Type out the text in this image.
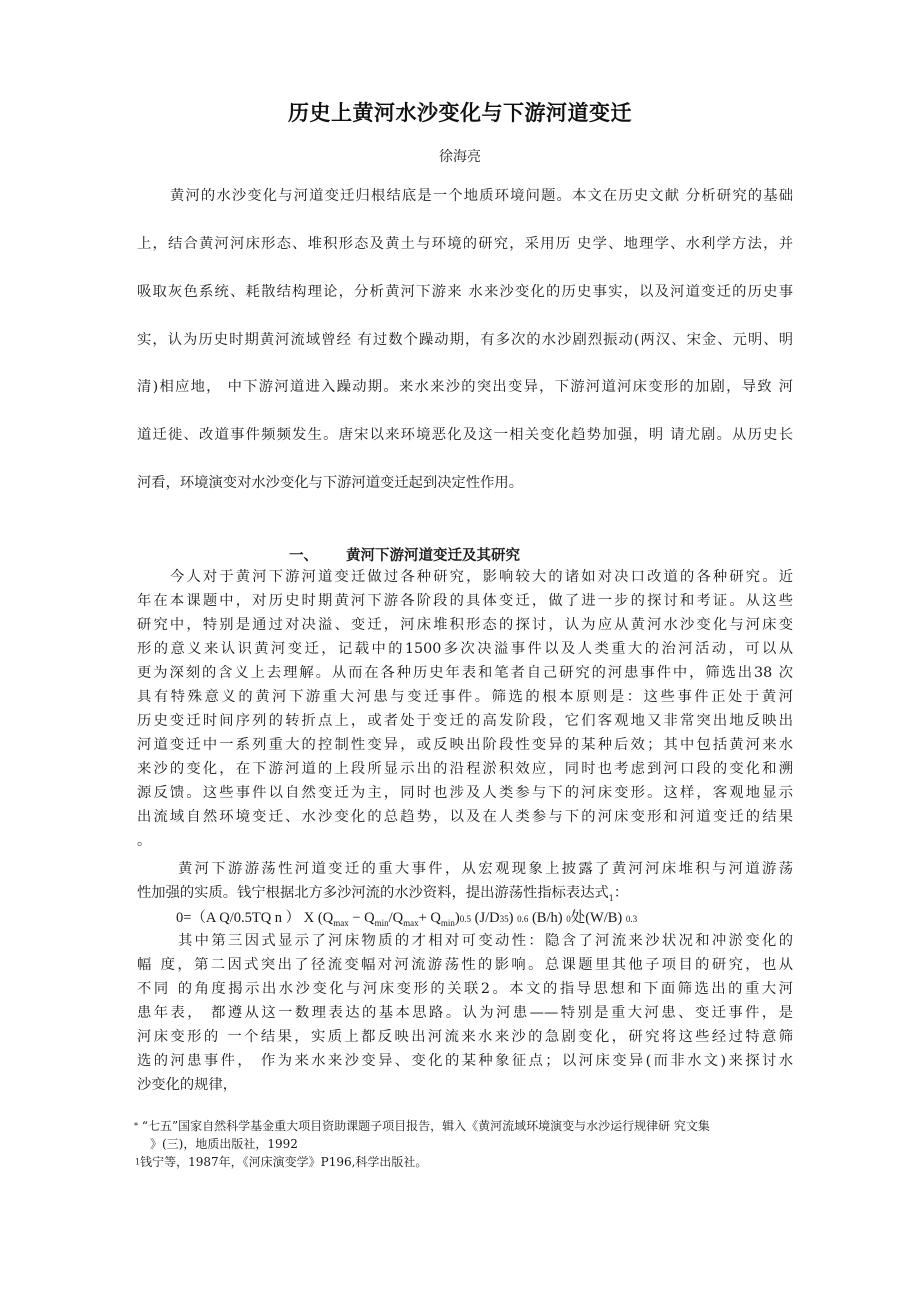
历史上黄河水沙变化与下游河道变迁
徐海亮
黄河的水沙变化与河道变迁归根结底是一个地质环境问题。本文在历史文献 分析研究的基础
上，结合黄河河床形态、堆积形态及黄土与环境的研究，采用历 史学、地理学、水利学方法，并
吸取灰色系统、耗散结构理论，分析黄河下游来 水来沙变化的历史事实，以及河道变迁的历史事
实，认为历史时期黄河流域曾经 有过数个躁动期，有多次的水沙剧烈振动(两汉、宋金、元明、明
清)相应地， 中下游河道进入躁动期。来水来沙的突出变异，下游河道河床变形的加剧，导致 河
道迁徙、改道事件频频发生。唐宋以来环境恶化及这一相关变化趋势加强，明 请尤剧。从历史长
河看，环境演变对水沙变化与下游河道变迁起到决定性作用。
一、 黄河下游河道变迁及其研究
今人对于黄河下游河道变迁做过各种研究，影响较大的诸如对决口改道的各种研究。近
年在本课题中，对历史时期黄河下游各阶段的具体变迁，做了进一步的探讨和考证。从这些
研究中，特别是通过对决溢、变迁，河床堆积形态的探讨，认为应从黄河水沙变化与河床变
形的意义来认识黄河变迁，记载中的1500多次决溢事件以及人类重大的治河活动，可以从
更为深刻的含义上去理解。从而在各种历史年表和笔者自己研究的河患事件中，筛选出38 次
具有特殊意义的黄河下游重大河患与变迁事件。筛选的根本原则是：这些事件正处于黄河
历史变迁时间序列的转折点上，或者处于变迁的高发阶段，它们客观地又非常突出地反映出
河道变迁中一系列重大的控制性变异，或反映出阶段性变异的某种后效；其中包括黄河来水
来沙的变化，在下游河道的上段所显示出的沿程淤积效应，同时也考虑到河口段的变化和溯
源反馈。这些事件以自然变迁为主，同时也涉及人类参与下的河床变形。这样，客观地显示
出流域自然环境变迁、水沙变化的总趋势，以及在人类参与下的河床变形和河道变迁的结果
。
黄河下游游荡性河道变迁的重大事件，从宏观现象上披露了黄河河床堆积与河道游荡
性加强的实质。钱宁根据北方多沙河流的水沙资料，提出游荡性指标表达式$_1$：
0=（A Q/0.5TQ n ） X $(Q_{max} - Q_{min}/Q_{max}+ Q_{min})0.5$ (J/D35) 0.6 (B/h) 0处(W/B) 0.3
其中第三因式显示了河床物质的才相对可变动性：隐含了河流来沙状况和冲淤变化的
幅 度，第二因式突出了径流变幅对河流游荡性的影响。总课题里其他子项目的研究，也从
不同 的角度揭示出水沙变化与河床变形的关联2。本文的指导思想和下面筛选出的重大河
患年表， 都遵从这一数理表达的基本思路。认为河患——特别是重大河患、变迁事件，是
河床变形的 一个结果，实质上都反映出河流来水来沙的急剧变化，研究将这些经过特意筛
选的河患事件， 作为来水来沙变异、变化的某种象征点；以河床变异(而非水文)来探讨水
沙变化的规律，
* “七五”国家自然科学基金重大项目资助课题子项目报告，辑入《黄河流域环境演变与水沙运行规律研 究文集
》(三)，地质出版社，1992
1钱宁等，1987年，《河床演变学》P196,科学出版社。
